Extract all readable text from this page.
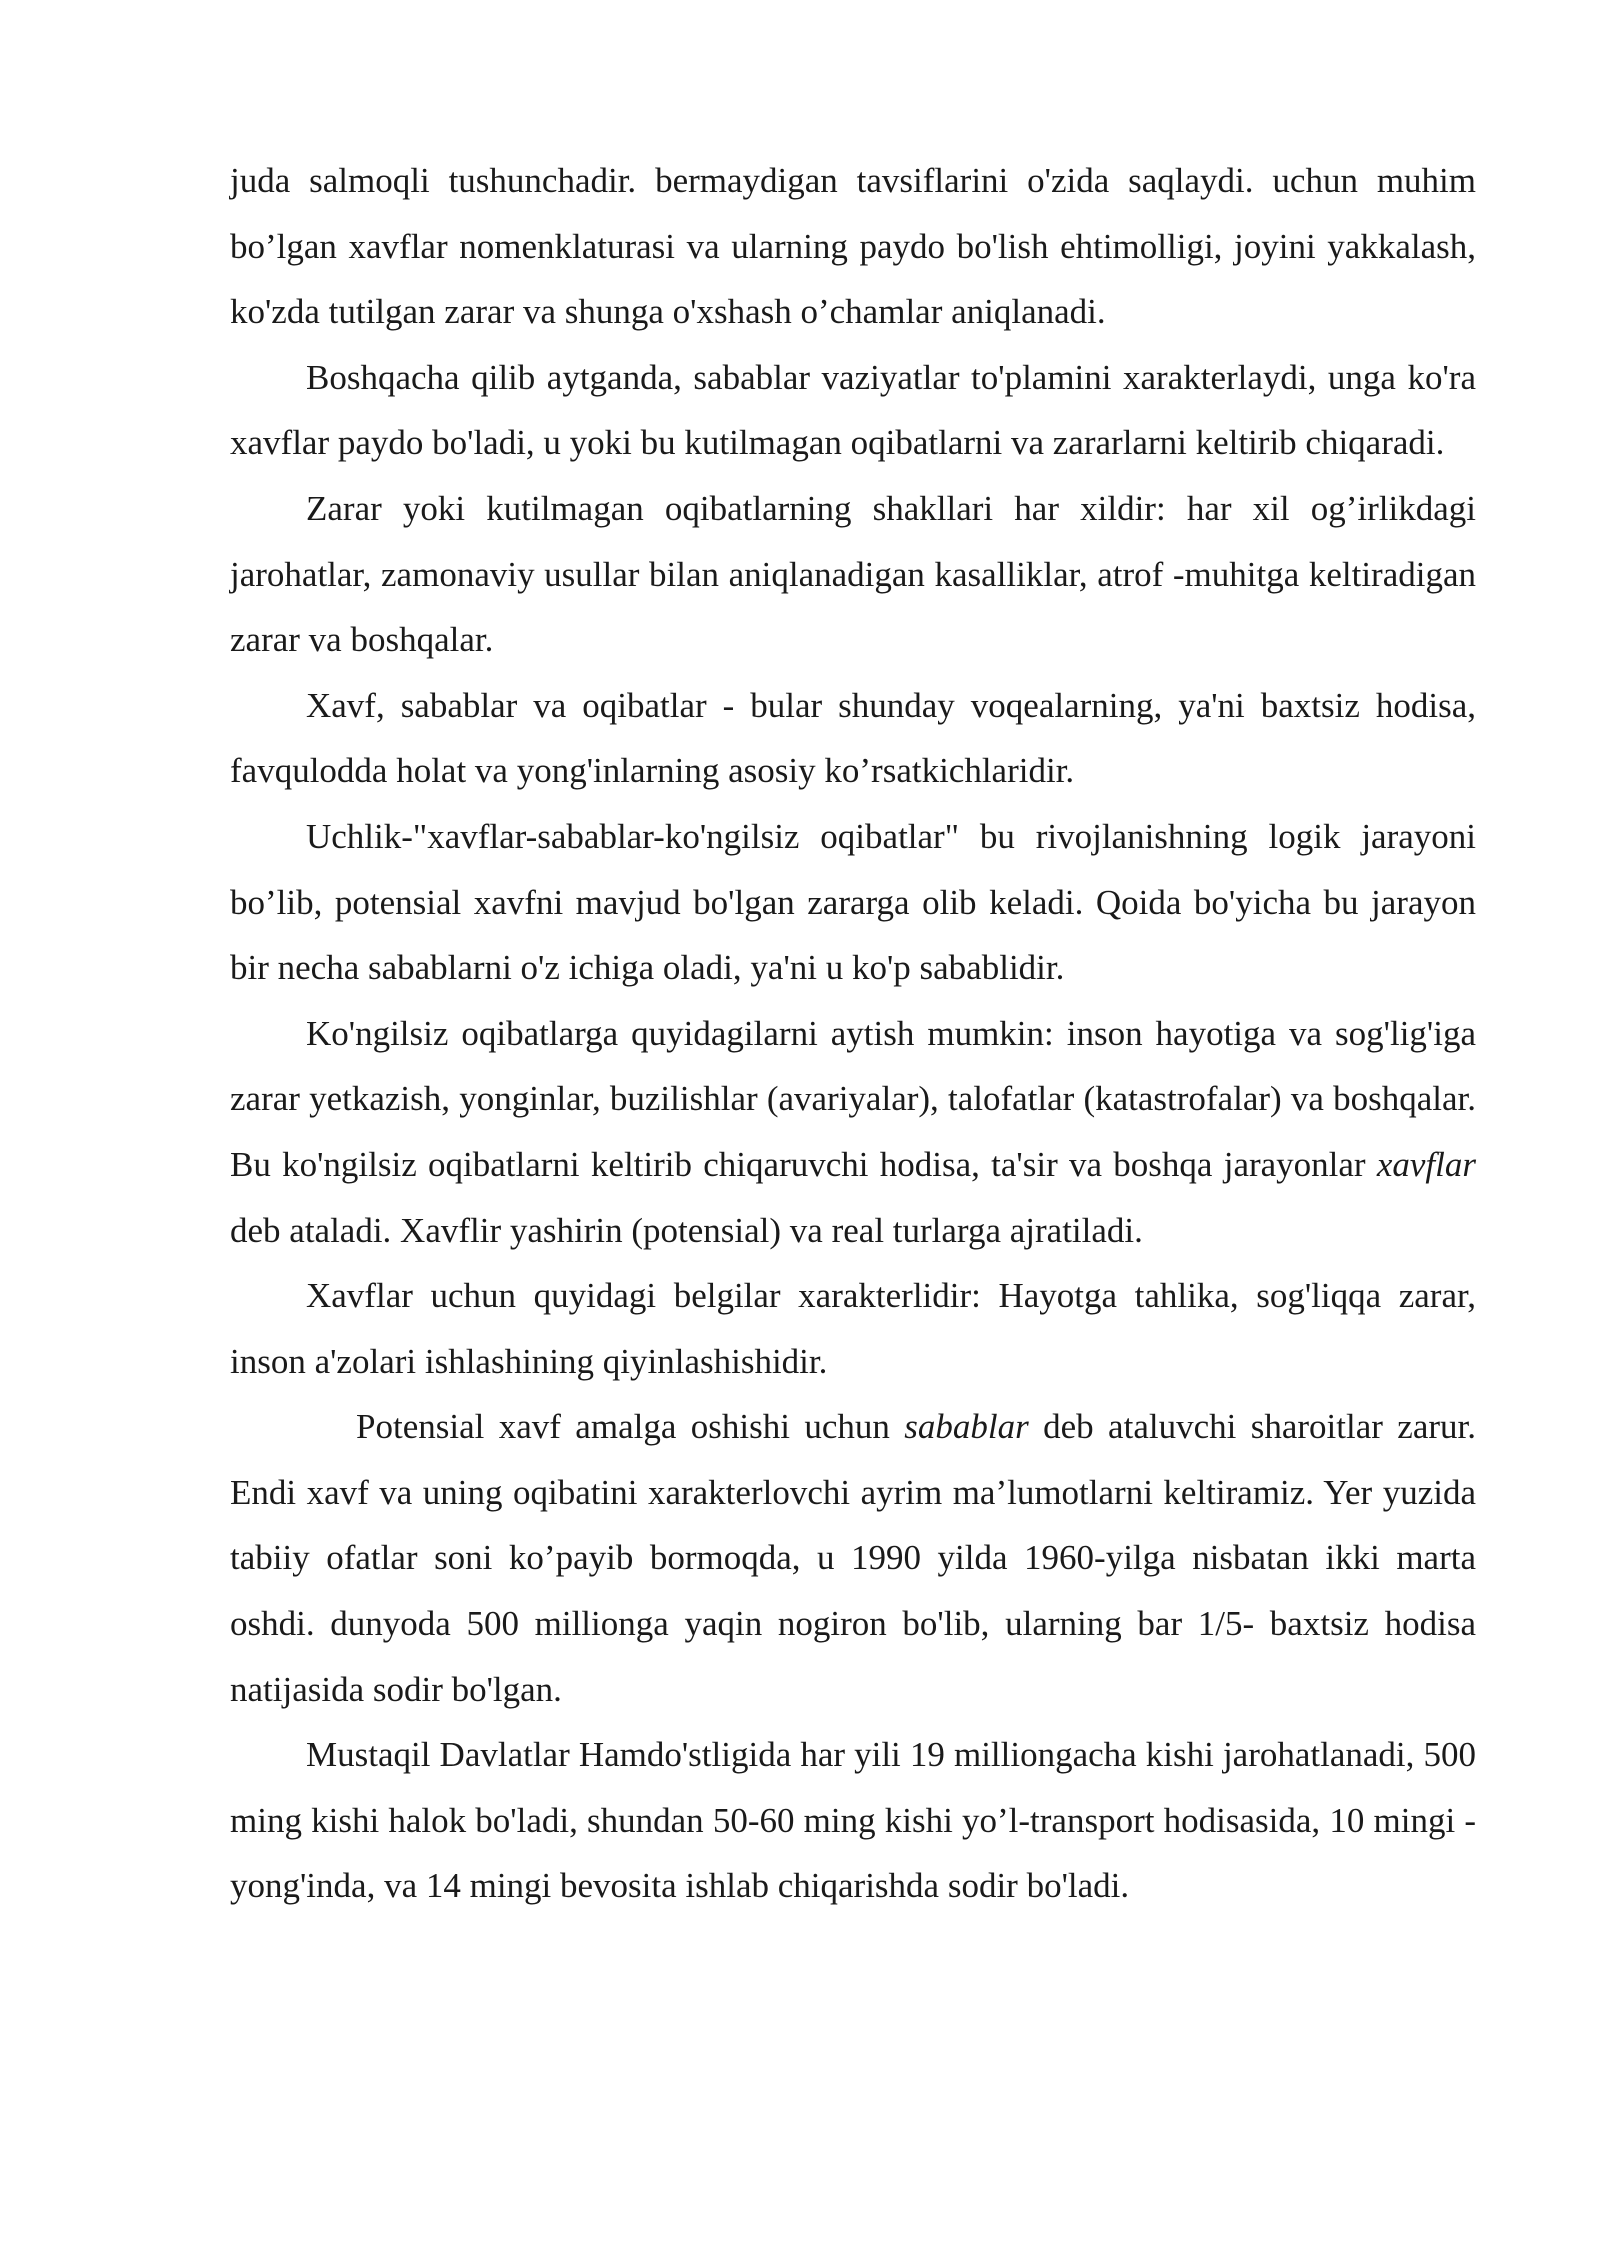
juda salmoqli tushunchadir. bermaydigan tavsiflarini o'zida saqlaydi. uchun muhim bo’lgan xavflar nomenklaturasi va ularning paydo bo'lish ehtimolligi, joyini yakkalash, ko'zda tutilgan zarar va shunga o'xshash o’chamlar aniqlanadi.

Boshqacha qilib aytganda, sabablar vaziyatlar to'plamini xarakterlaydi, unga ko'ra xavflar paydo bo'ladi, u yoki bu kutilmagan oqibatlarni va zararlarni keltirib chiqaradi.

Zarar yoki kutilmagan oqibatlarning shakllari har xildir: har xil og’irlikdagi jarohatlar, zamonaviy usullar bilan aniqlanadigan kasalliklar, atrof -muhitga keltiradigan zarar va boshqalar.

Xavf, sabablar va oqibatlar - bular shunday voqealarning, ya'ni baxtsiz hodisa, favqulodda holat va yong'inlarning asosiy ko’rsatkichlaridir.

Uchlik-"xavflar-sabablar-ko'ngilsiz oqibatlar" bu rivojlanishning logik jarayoni bo’lib, potensial xavfni mavjud bo'lgan zararga olib keladi. Qoida bo'yicha bu jarayon bir necha sabablarni o'z ichiga oladi, ya'ni u ko'p sabablidir.

Ko'ngilsiz oqibatlarga quyidagilarni aytish mumkin: inson hayotiga va sog'lig'iga zarar yetkazish, yonginlar, buzilishlar (avariyalar), talofatlar (katastrofalar) va boshqalar. Bu ko'ngilsiz oqibatlarni keltirib chiqaruvchi hodisa, ta'sir va boshqa jarayonlar xavflar deb ataladi. Xavflir yashirin (potensial) va real turlarga ajratiladi.

Xavflar uchun quyidagi belgilar xarakterlidir: Hayotga tahlika, sog'liqqa zarar, inson a'zolari ishlashining qiyinlashishidir.

Potensial xavf amalga oshishi uchun sabablar deb ataluvchi sharoitlar zarur. Endi xavf va uning oqibatini xarakterlovchi ayrim ma’lumotlarni keltiramiz. Yer yuzida tabiiy ofatlar soni ko’payib bormoqda, u 1990 yilda 1960-yilga nisbatan ikki marta oshdi. dunyoda 500 millionga yaqin nogiron bo'lib, ularning bar 1/5- baxtsiz hodisa natijasida sodir bo'lgan.

Mustaqil Davlatlar Hamdo'stligida har yili 19 milliongacha kishi jarohatlanadi, 500 ming kishi halok bo'ladi, shundan 50-60 ming kishi yo’l-transport hodisasida, 10 mingi - yong'inda, va 14 mingi bevosita ishlab chiqarishda sodir bo'ladi.
